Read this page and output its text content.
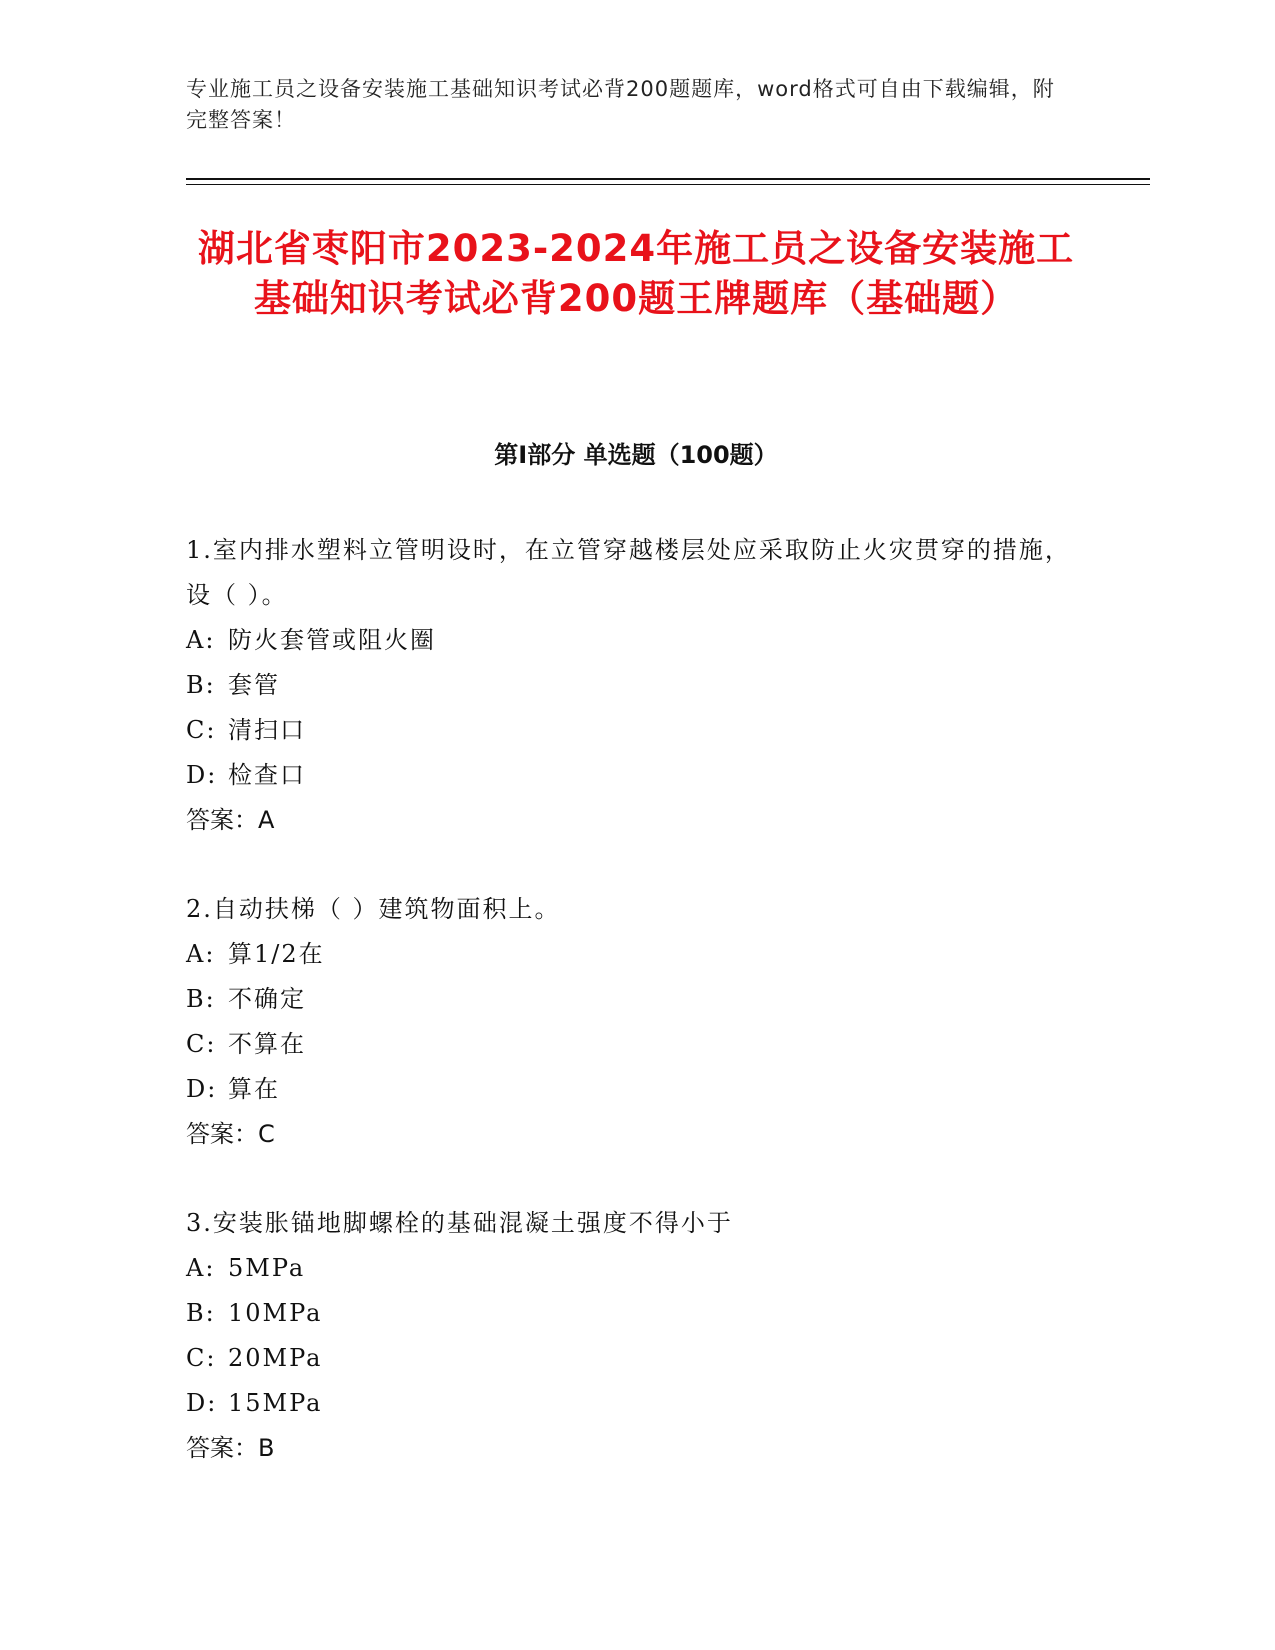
专业施工员之设备安装施工基础知识考试必背200题题库，word格式可自由下载编辑，附完整答案！
湖北省枣阳市2023-2024年施工员之设备安装施工基础知识考试必背200题王牌题库（基础题）
第Ⅰ部分 单选题（100题）

1.室内排水塑料立管明设时，在立管穿越楼层处应采取防止火灾贯穿的措施，设（ ）。

A: 防火套管或阻火圈
B: 套管
C: 清扫口
D: 检查口
答案：A

2.自动扶梯（ ）建筑物面积上。

A: 算1/2在
B: 不确定
C: 不算在
D: 算在
答案：C

3.安装胀锚地脚螺栓的基础混凝土强度不得小于

A: 5MPa
B: 10MPa
C: 20MPa
D: 15MPa
答案：B
